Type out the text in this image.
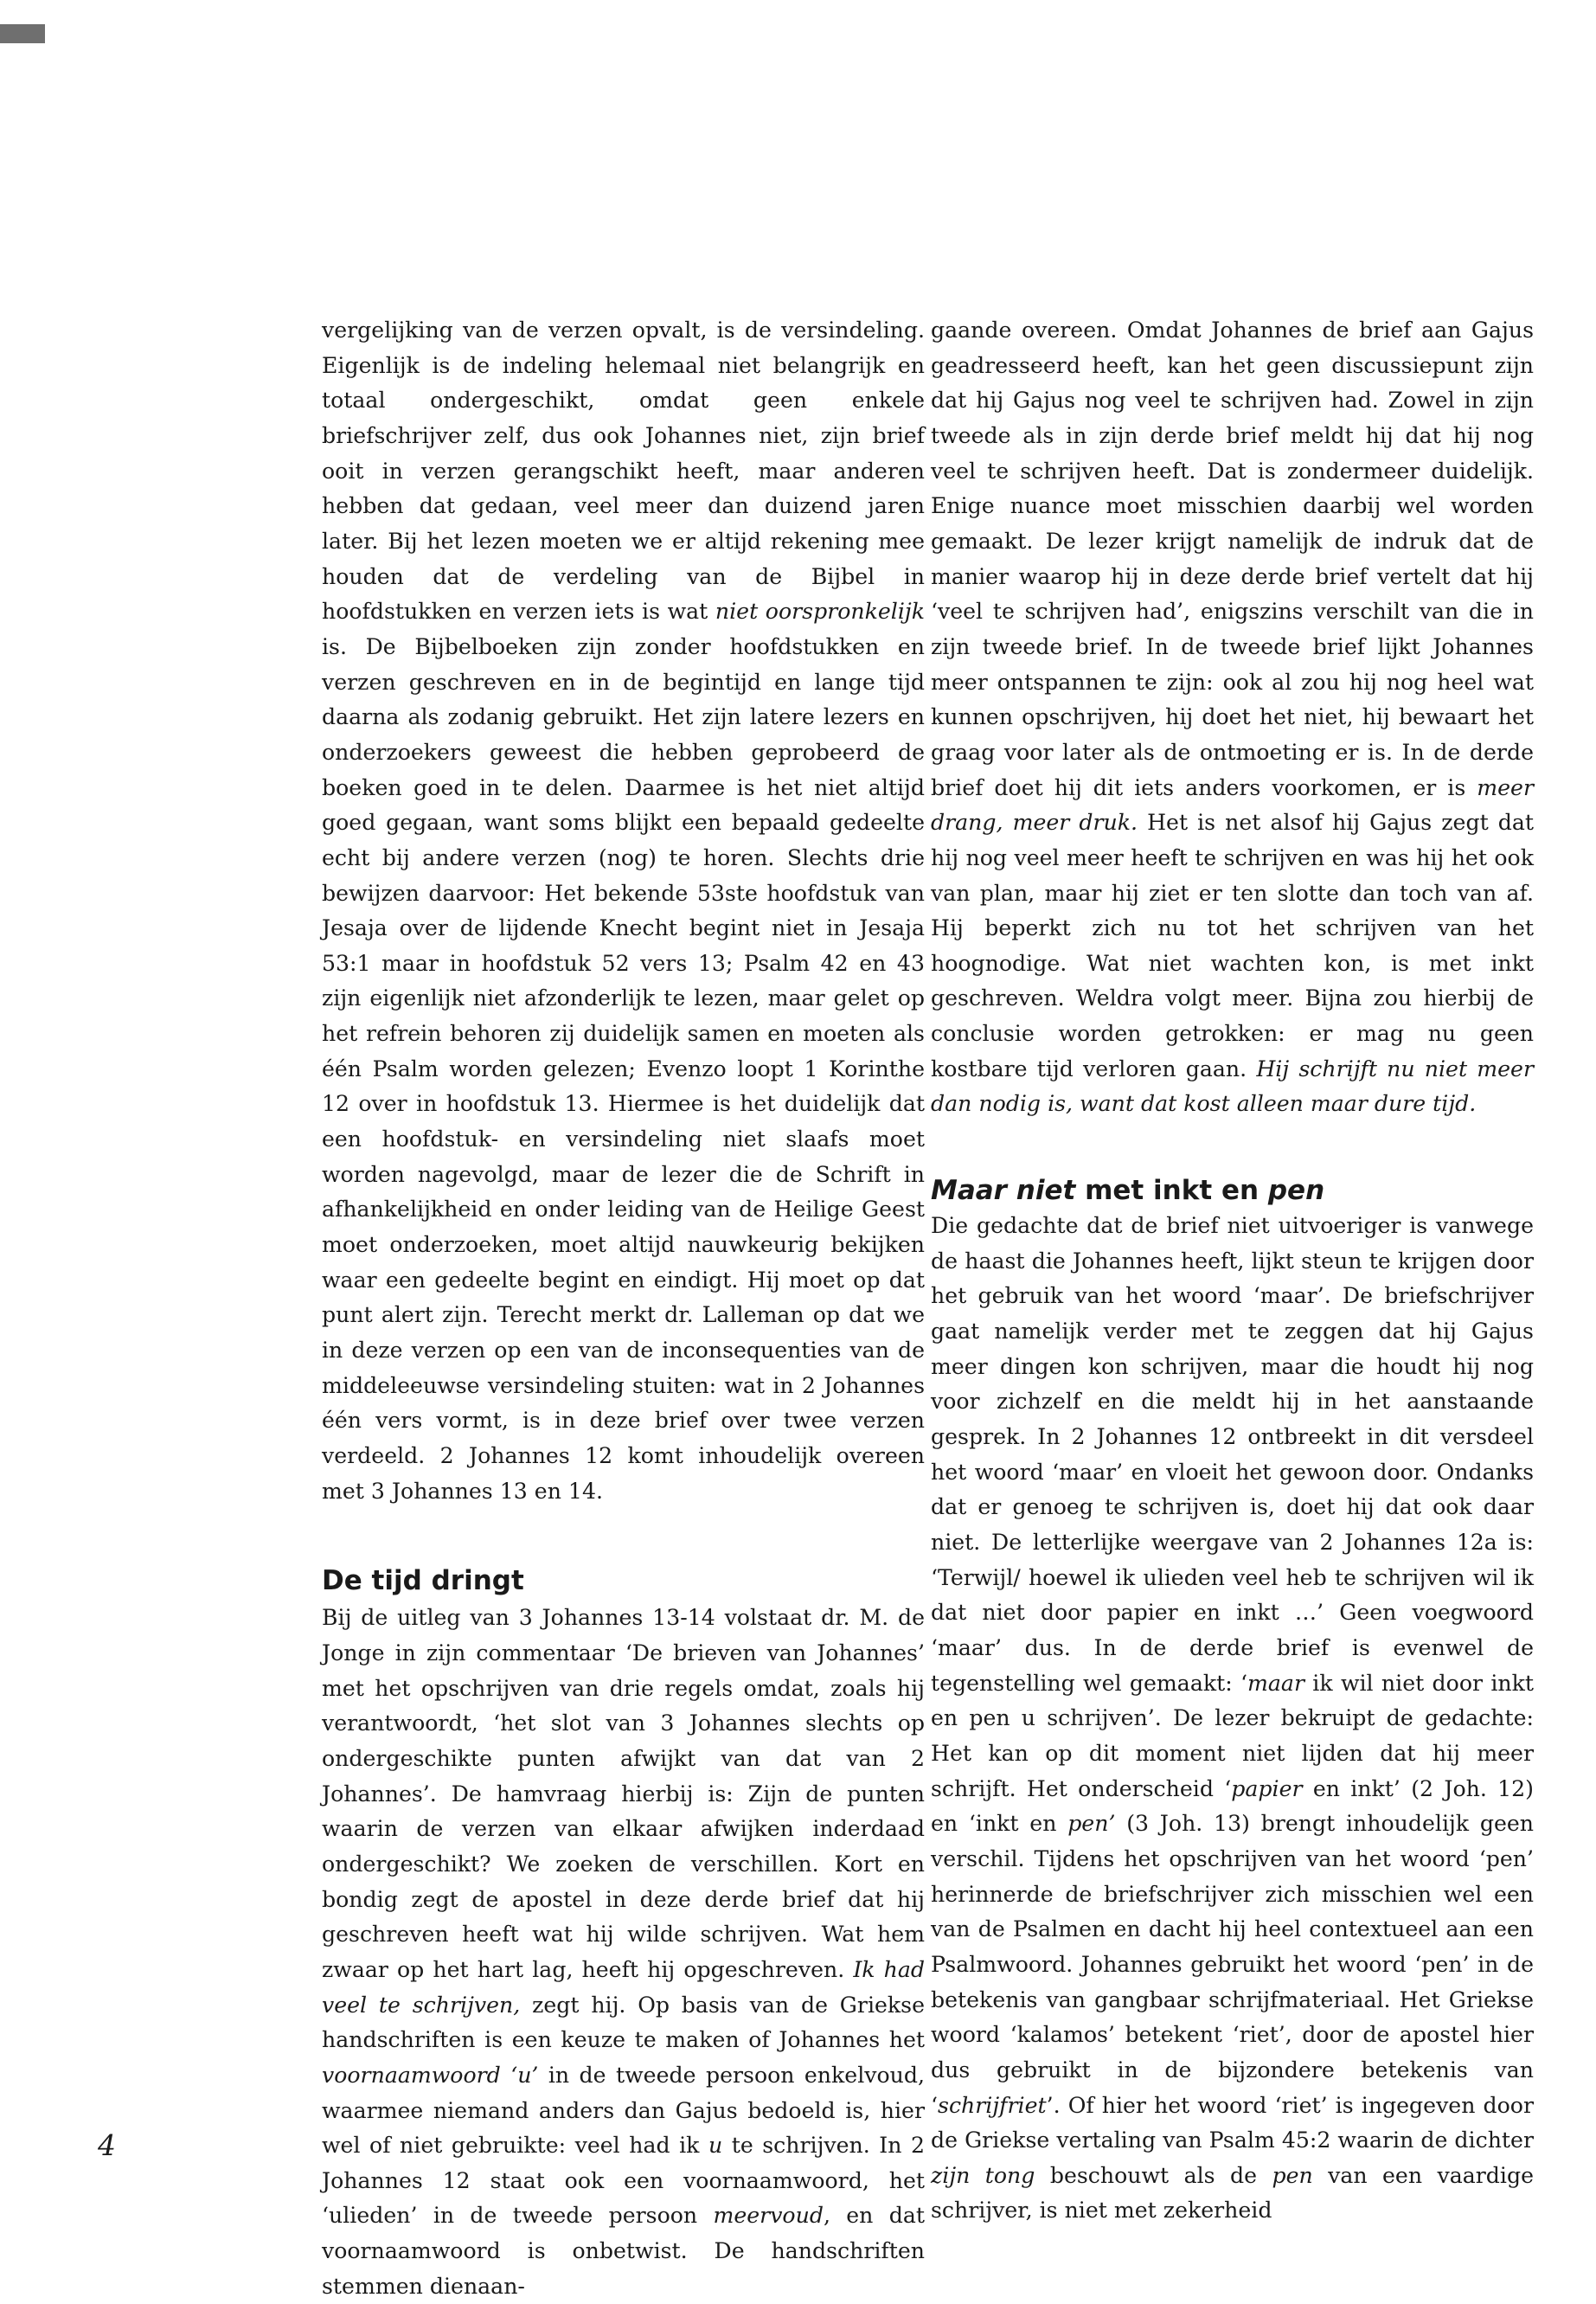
vergelijking van de verzen opvalt, is de versindeling. Eigenlijk is de indeling helemaal niet belangrijk en totaal ondergeschikt, omdat geen enkele briefschrijver zelf, dus ook Johannes niet, zijn brief ooit in verzen gerangschikt heeft, maar anderen hebben dat gedaan, veel meer dan duizend jaren later. Bij het lezen moeten we er altijd rekening mee houden dat de verdeling van de Bijbel in hoofdstukken en verzen iets is wat niet oorspronkelijk is. De Bijbelboeken zijn zonder hoofdstukken en verzen geschreven en in de begintijd en lange tijd daarna als zodanig gebruikt. Het zijn latere lezers en onderzoekers geweest die hebben geprobeerd de boeken goed in te delen. Daarmee is het niet altijd goed gegaan, want soms blijkt een bepaald gedeelte echt bij andere verzen (nog) te horen. Slechts drie bewijzen daarvoor: Het bekende 53ste hoofdstuk van Jesaja over de lijdende Knecht begint niet in Jesaja 53:1 maar in hoofdstuk 52 vers 13; Psalm 42 en 43 zijn eigenlijk niet afzonderlijk te lezen, maar gelet op het refrein behoren zij duidelijk samen en moeten als één Psalm worden gelezen; Evenzo loopt 1 Korinthe 12 over in hoofdstuk 13. Hiermee is het duidelijk dat een hoofdstuk- en versindeling niet slaafs moet worden nagevolgd, maar de lezer die de Schrift in afhankelijkheid en onder leiding van de Heilige Geest moet onderzoeken, moet altijd nauwkeurig bekijken waar een gedeelte begint en eindigt. Hij moet op dat punt alert zijn. Terecht merkt dr. Lalleman op dat we in deze verzen op een van de inconsequenties van de middeleeuwse versindeling stuiten: wat in 2 Johannes één vers vormt, is in deze brief over twee verzen verdeeld. 2 Johannes 12 komt inhoudelijk overeen met 3 Johannes 13 en 14.

De tijd dringt

Bij de uitleg van 3 Johannes 13-14 volstaat dr. M. de Jonge in zijn commentaar ‘De brieven van Johannes’ met het opschrijven van drie regels omdat, zoals hij verantwoordt, ‘het slot van 3 Johannes slechts op ondergeschikte punten afwijkt van dat van 2 Johannes’. De hamvraag hierbij is: Zijn de punten waarin de verzen van elkaar afwijken inderdaad ondergeschikt? We zoeken de verschillen. Kort en bondig zegt de apostel in deze derde brief dat hij geschreven heeft wat hij wilde schrijven. Wat hem zwaar op het hart lag, heeft hij opgeschreven. Ik had veel te schrijven, zegt hij. Op basis van de Griekse handschriften is een keuze te maken of Johannes het voornaamwoord ‘u’ in de tweede persoon enkelvoud, waarmee niemand anders dan Gajus bedoeld is, hier wel of niet gebruikte: veel had ik u te schrijven. In 2 Johannes 12 staat ook een voornaamwoord, het ‘ulieden’ in de tweede persoon meervoud, en dat voornaamwoord is onbetwist. De handschriften stemmen dienaan-

gaande overeen. Omdat Johannes de brief aan Gajus geadresseerd heeft, kan het geen discussiepunt zijn dat hij Gajus nog veel te schrijven had. Zowel in zijn tweede als in zijn derde brief meldt hij dat hij nog veel te schrijven heeft. Dat is zondermeer duidelijk. Enige nuance moet misschien daarbij wel worden gemaakt. De lezer krijgt namelijk de indruk dat de manier waarop hij in deze derde brief vertelt dat hij ‘veel te schrijven had’, enigszins verschilt van die in zijn tweede brief. In de tweede brief lijkt Johannes meer ontspannen te zijn: ook al zou hij nog heel wat kunnen opschrijven, hij doet het niet, hij bewaart het graag voor later als de ontmoeting er is. In de derde brief doet hij dit iets anders voorkomen, er is meer drang, meer druk. Het is net alsof hij Gajus zegt dat hij nog veel meer heeft te schrijven en was hij het ook van plan, maar hij ziet er ten slotte dan toch van af. Hij beperkt zich nu tot het schrijven van het hoognodige. Wat niet wachten kon, is met inkt geschreven. Weldra volgt meer. Bijna zou hierbij de conclusie worden getrokken: er mag nu geen kostbare tijd verloren gaan. Hij schrijft nu niet meer dan nodig is, want dat kost alleen maar dure tijd.

Maar niet met inkt en pen

Die gedachte dat de brief niet uitvoeriger is vanwege de haast die Johannes heeft, lijkt steun te krijgen door het gebruik van het woord ‘maar’. De briefschrijver gaat namelijk verder met te zeggen dat hij Gajus meer dingen kon schrijven, maar die houdt hij nog voor zichzelf en die meldt hij in het aanstaande gesprek. In 2 Johannes 12 ontbreekt in dit versdeel het woord ‘maar’ en vloeit het gewoon door. Ondanks dat er genoeg te schrijven is, doet hij dat ook daar niet. De letterlijke weergave van 2 Johannes 12a is: ‘Terwijl/ hoewel ik ulieden veel heb te schrijven wil ik dat niet door papier en inkt …’ Geen voegwoord ‘maar’ dus. In de derde brief is evenwel de tegenstelling wel gemaakt: ‘maar ik wil niet door inkt en pen u schrijven’. De lezer bekruipt de gedachte: Het kan op dit moment niet lijden dat hij meer schrijft. Het onderscheid ‘papier en inkt’ (2 Joh. 12) en ‘inkt en pen’ (3 Joh. 13) brengt inhoudelijk geen verschil. Tijdens het opschrijven van het woord ‘pen’ herinnerde de briefschrijver zich misschien wel een van de Psalmen en dacht hij heel contextueel aan een Psalmwoord. Johannes gebruikt het woord ‘pen’ in de betekenis van gangbaar schrijfmateriaal. Het Griekse woord ‘kalamos’ betekent ‘riet’, door de apostel hier dus gebruikt in de bijzondere betekenis van ‘schrijfriet’. Of hier het woord ‘riet’ is ingegeven door de Griekse vertaling van Psalm 45:2 waarin de dichter zijn tong beschouwt als de pen van een vaardige schrijver, is niet met zekerheid

4
